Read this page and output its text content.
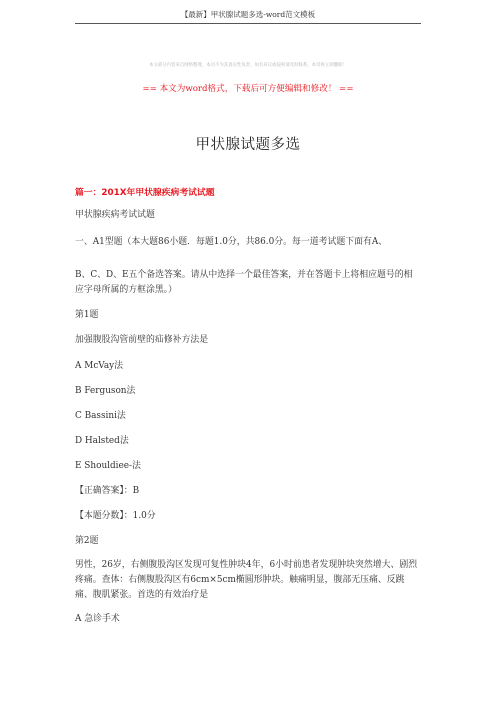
【最新】甲状腺试题多选-word范文模板
本文部分内容来自网络整理，本司不为其真实性负责，如有异议或侵权请及时联系，本司将立即删除！
== 本文为word格式，下载后可方便编辑和修改！ ==
甲状腺试题多选
篇一：201X年甲状腺疾病考试试题

甲状腺疾病考试试题

一、A1型题（本大题86小题．每题1.0分，共86.0分。每一道考试题下面有A、

B、C、D、E五个备选答案。请从中选择一个最佳答案，并在答题卡上将相应题号的相应字母所属的方框涂黑。）

第1题

加强腹股沟管前壁的疝修补方法是

A McVay法

B Ferguson法

C Bassini法

D Halsted法

E Shouldiee-法

【正确答案】：B

【本题分数】：1.0分

第2题

男性，26岁，右侧腹股沟区发现可复性肿块4年，6小时前患者发现肿块突然增大、剧烈疼痛。查体：右侧腹股沟区有6cm×5cm椭圆形肿块。触痛明显，腹部无压痛、反跳痛、腹肌紧张。首选的有效治疗是

A 急诊手术
